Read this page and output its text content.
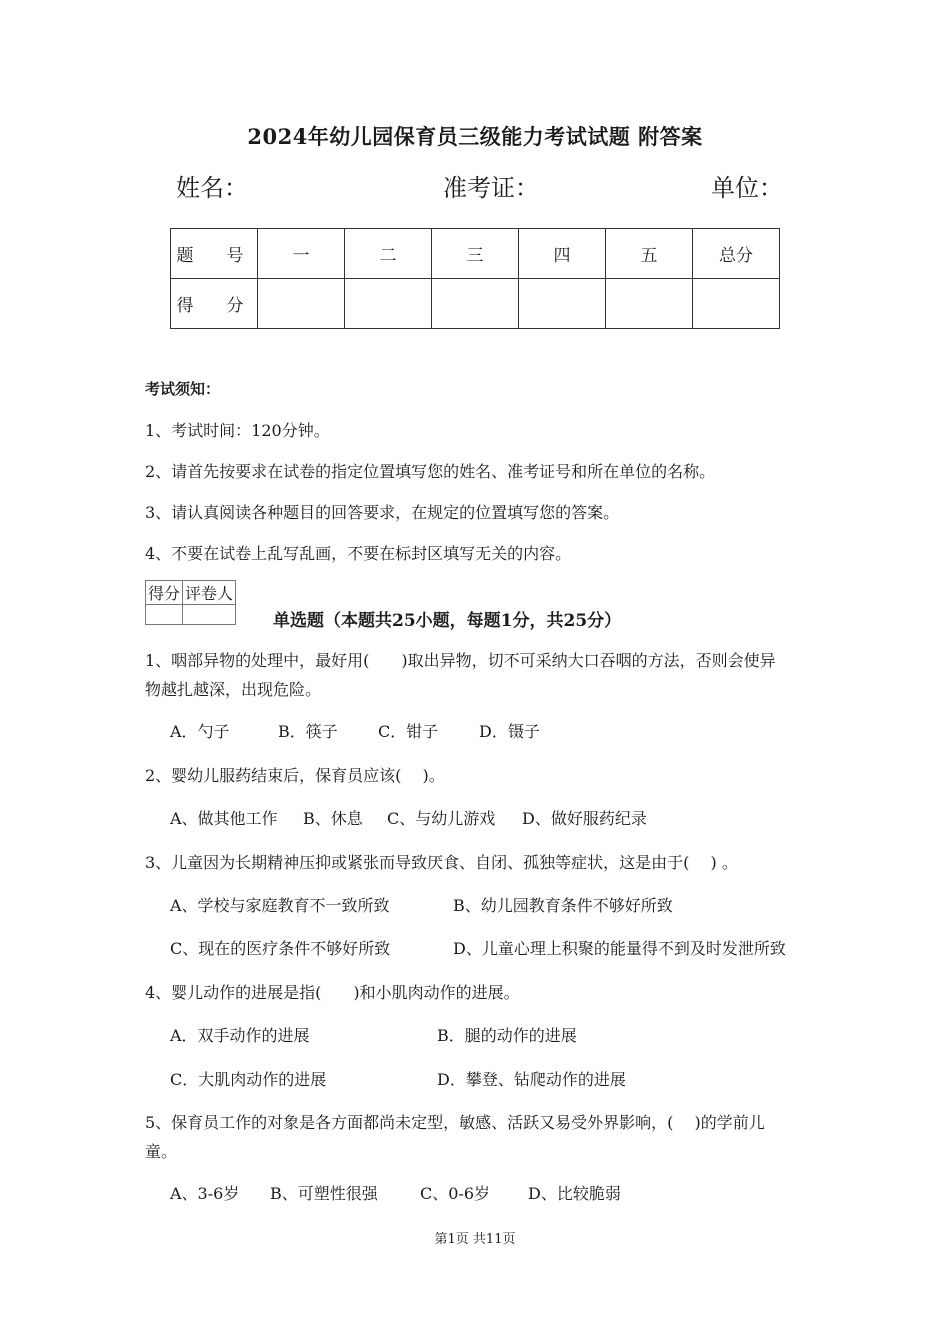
2024年幼儿园保育员三级能力考试试题 附答案
姓名：	准考证：	单位：
题　号	一	二	三	四	五	总分
得　分						
考试须知：
1、考试时间：120分钟。
2、请首先按要求在试卷的指定位置填写您的姓名、准考证号和所在单位的名称。
3、请认真阅读各种题目的回答要求，在规定的位置填写您的答案。
4、不要在试卷上乱写乱画，不要在标封区填写无关的内容。
得分	评卷人

单选题（本题共25小题，每题1分，共25分）
1、咽部异物的处理中，最好用(　　)取出异物，切不可采纳大口吞咽的方法，否则会使异
物越扎越深，出现危险。
A．勺子	B．筷子	C．钳子	D．镊子
2、婴幼儿服药结束后，保育员应该(　 )。
A、做其他工作 B、休息 C、与幼儿游戏 D、做好服药纪录
3、儿童因为长期精神压抑或紧张而导致厌食、自闭、孤独等症状，这是由于(　 ) 。
A、学校与家庭教育不一致所致	B、幼儿园教育条件不够好所致
C、现在的医疗条件不够好所致	D、儿童心理上积聚的能量得不到及时发泄所致
4、婴儿动作的进展是指(　　)和小肌肉动作的进展。
A．双手动作的进展	B．腿的动作的进展
C．大肌肉动作的进展	D．攀登、钻爬动作的进展
5、保育员工作的对象是各方面都尚未定型，敏感、活跃又易受外界影响，(　 )的学前儿
童。
A、3-6岁 B、可塑性很强	C、0-6岁 D、比较脆弱
第1页 共11页
